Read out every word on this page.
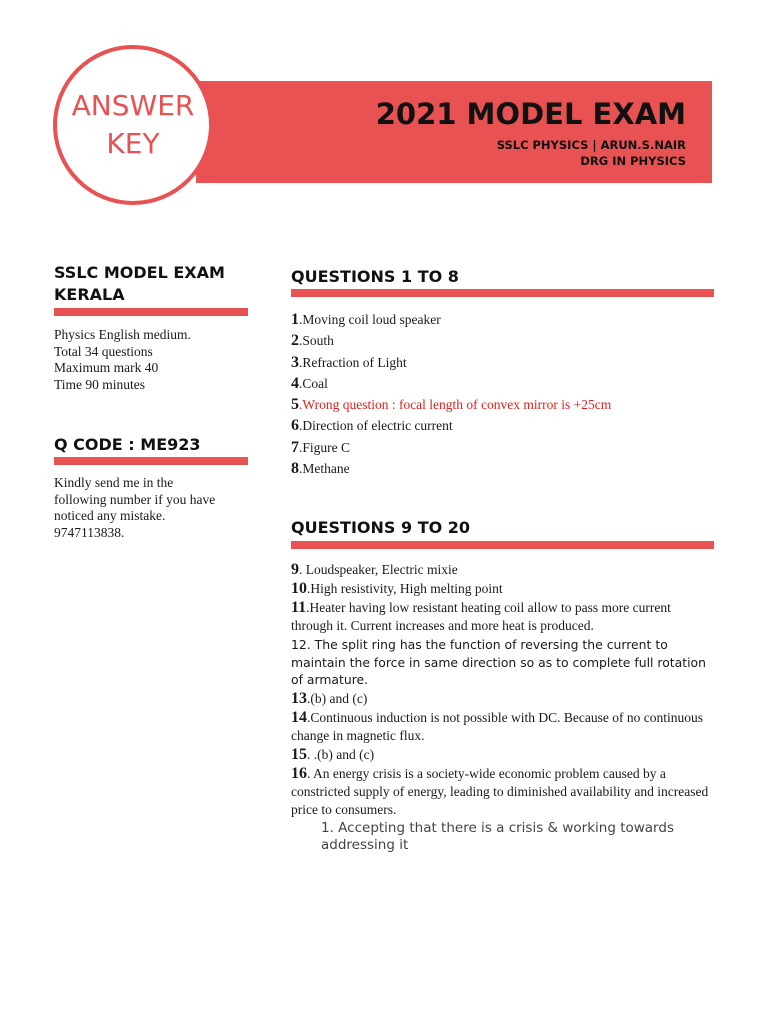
2021 MODEL EXAM
SSLC PHYSICS | ARUN.S.NAIR
DRG IN PHYSICS
ANSWER
KEY
SSLC MODEL EXAM KERALA
Physics English medium.
Total 34 questions
Maximum mark 40
Time 90 minutes
Q CODE : ME923
Kindly send me in the
following number if you have
noticed any mistake.
9747113838.
QUESTIONS 1 TO 8
1.Moving coil loud speaker
2.South
3.Refraction of Light
4.Coal
5.Wrong question : focal length of convex mirror is +25cm
6.Direction of electric current
7.Figure C
8.Methane
QUESTIONS 9 TO 20
9. Loudspeaker, Electric mixie
10.High resistivity, High melting point
11.Heater having low resistant heating coil allow to pass more current through it. Current increases and more heat is produced.
12. The split ring has the function of reversing the current to maintain the force in same direction so as to complete full rotation of armature.
13.(b) and (c)
14.Continuous induction is not possible with DC. Because of no continuous change in magnetic flux.
15. .(b) and (c)
16. An energy crisis is a society-wide economic problem caused by a constricted supply of energy, leading to diminished availability and increased price to consumers.
1. Accepting that there is a crisis & working towards addressing it
